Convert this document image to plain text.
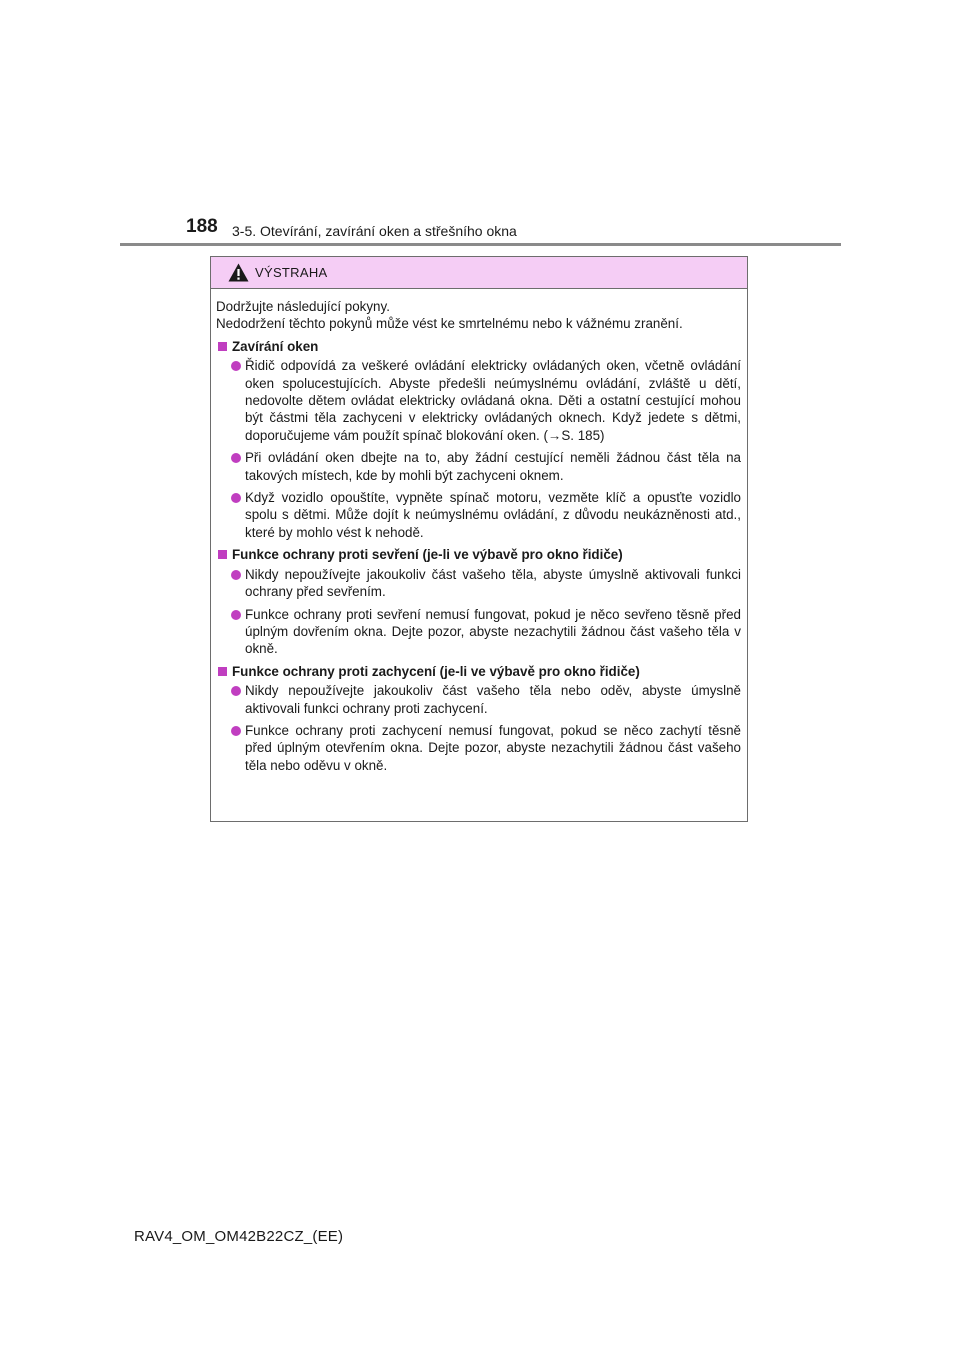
188 3-5. Otevírání, zavírání oken a střešního okna
VÝSTRAHA

Dodržujte následující pokyny.

Nedodržení těchto pokynů může vést ke smrtelnému nebo k vážnému zranění.

Zavírání oken
Řidič odpovídá za veškeré ovládání elektricky ovládaných oken, včetně ovládání oken spolucestujících. Abyste předešli neúmyslnému ovládání, zvláště u dětí, nedovolte dětem ovládat elektricky ovládaná okna. Děti a ostatní cestující mohou být částmi těla zachyceni v elektricky ovládaných oknech. Když jedete s dětmi, doporučujeme vám použít spínač blokování oken. (→S. 185)
Při ovládání oken dbejte na to, aby žádní cestující neměli žádnou část těla na takových místech, kde by mohli být zachyceni oknem.
Když vozidlo opouštíte, vypněte spínač motoru, vezměte klíč a opusťte vozidlo spolu s dětmi. Může dojít k neúmyslnému ovládání, z důvodu neukázněnosti atd., které by mohlo vést k nehodě.
Funkce ochrany proti sevření (je-li ve výbavě pro okno řidiče)
Nikdy nepoužívejte jakoukoliv část vašeho těla, abyste úmyslně aktivovali funkci ochrany před sevřením.
Funkce ochrany proti sevření nemusí fungovat, pokud je něco sevřeno těsně před úplným dovřením okna. Dejte pozor, abyste nezachytili žádnou část vašeho těla v okně.
Funkce ochrany proti zachycení (je-li ve výbavě pro okno řidiče)
Nikdy nepoužívejte jakoukoliv část vašeho těla nebo oděv, abyste úmyslně aktivovali funkci ochrany proti zachycení.
Funkce ochrany proti zachycení nemusí fungovat, pokud se něco zachytí těsně před úplným otevřením okna. Dejte pozor, abyste nezachytili žádnou část vašeho těla nebo oděvu v okně.
RAV4_OM_OM42B22CZ_(EE)
